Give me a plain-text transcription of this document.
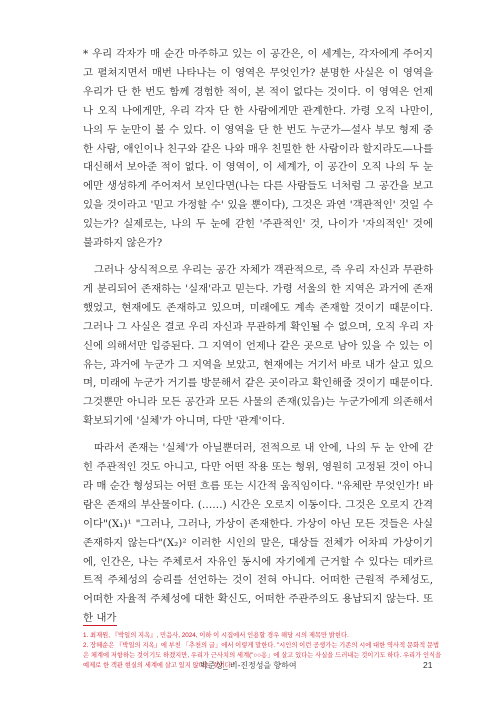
* 우리 각자가 매 순간 마주하고 있는 이 공간은, 이 세계는, 각자에게 주어지고 펼쳐지면서 매번 나타나는 이 영역은 무엇인가? 분명한 사실은 이 영역을 우리가 단 한 번도 함께 경험한 적이, 본 적이 없다는 것이다. 이 영역은 언제나 오직 나에게만, 우리 각자 단 한 사람에게만 관계한다. 가령 오직 나만이, 나의 두 눈만이 볼 수 있다. 이 영역을 단 한 번도 누군가—설사 부모 형제 중 한 사람, 애인이나 친구와 같은 나와 매우 친밀한 한 사람이라 할지라도—나를 대신해서 보아준 적이 없다. 이 영역이, 이 세계가, 이 공간이 오직 나의 두 눈에만 생성하게 주어져서 보인다면(나는 다른 사람들도 너처럼 그 공간을 보고 있을 것이라고 '믿고 가정할 수' 있을 뿐이다), 그것은 과연 '객관적인' 것일 수 있는가? 실제로는, 나의 두 눈에 갇힌 '주관적인' 것, 나이가 '자의적인' 것에 불과하지 않은가?

그러나 상식적으로 우리는 공간 자체가 객관적으로, 즉 우리 자신과 무관하게 분리되어 존재하는 '실재'라고 믿는다. 가령 서울의 한 지역은 과거에 존재했었고, 현재에도 존재하고 있으며, 미래에도 계속 존재할 것이기 때문이다. 그러나 그 사실은 결코 우리 자신과 무관하게 확인될 수 없으며, 오직 우리 자신에 의해서만 입증된다. 그 지역이 언제나 같은 곳으로 남아 있을 수 있는 이유는, 과거에 누군가 그 지역을 보았고, 현재에는 거기서 바로 내가 살고 있으며, 미래에 누군가 거기를 방문해서 같은 곳이라고 확인해줄 것이기 때문이다. 그것뿐만 아니라 모든 공간과 모든 사물의 존재(있음)는 누군가에게 의존해서 확보되기에 '실체'가 아니며, 다만 '관계'이다.

따라서 존재는 '실체'가 아닐뿐더러, 전적으로 내 안에, 나의 두 눈 안에 갇힌 주관적인 것도 아니고, 다만 어떤 작용 또는 형위, 영원히 고정된 것이 아니라 매 순간 형성되는 어떤 흐름 또는 시간적 움직임이다. "유체란 무엇인가! 바람은 존재의 부산물이다. (……) 시간은 오로지 이동이다. 그것은 오로지 간격이다"(X₁)¹ "그러나, 그러나, 가상이 존재한다. 가상이 아닌 모든 것들은 사실 존재하지 않는다"(X₂)² 이러한 시인의 말은, 대상들 전체가 어차피 가상이기에, 인간은, 나는 주체로서 자유인 동시에 자기에게 근거할 수 있다는 데카르트적 주체성의 승리를 선언하는 것이 전혀 아니다. 어떠한 근원적 주체성도, 어떠한 자율적 주체성에 대한 확신도, 어떠한 주관주의도 용납되지 않는다. 또한 내가

1. 최재원, 『박일의 지옥』, 민음사, 2024, 이하 이 시집에서 인용할 경우 해당 시의 제목만 밝힌다.

2. 장혜순은 『박일의 지옥』에 부친 「추천의 글」에서 이렇게 말한다. "시인의 이런 공생가는 기존의 시에 대한 역사적 문화적 문법은 체계에 저항하는 것이기도 하겠지만, 우리가 근사치의 세계("○○옹」에 살고 있다는 사실을 드러내는 것이기도 하다. 우리가 인식을 예제로 한 객관 현실의 세계에 살고 있지 않다는 것이다."

박준상_ 비-진정성을 향하여	21
